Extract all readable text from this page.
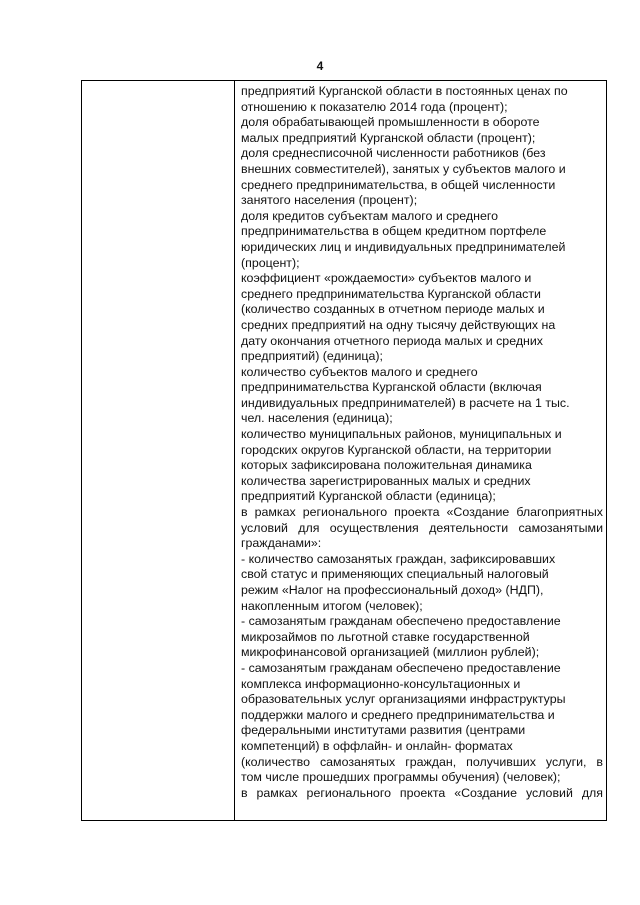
4
предприятий Курганской области в постоянных ценах по
отношению к показателю 2014 года (процент);
доля обрабатывающей промышленности в обороте
малых предприятий Курганской области (процент);
доля среднесписочной численности работников (без
внешних совместителей), занятых у субъектов малого и
среднего предпринимательства, в общей численности
занятого населения (процент);
доля кредитов субъектам малого и среднего
предпринимательства в общем кредитном портфеле
юридических лиц и индивидуальных предпринимателей
(процент);
коэффициент «рождаемости» субъектов малого и
среднего предпринимательства Курганской области
(количество созданных в отчетном периоде малых и
средних предприятий на одну тысячу действующих на
дату окончания отчетного периода малых и средних
предприятий) (единица);
количество субъектов малого и среднего
предпринимательства Курганской области (включая
индивидуальных предпринимателей) в расчете на 1 тыс.
чел. населения (единица);
количество муниципальных районов, муниципальных и
городских округов Курганской области, на территории
которых зафиксирована положительная динамика
количества зарегистрированных малых и средних
предприятий Курганской области (единица);
в рамках регионального проекта «Создание благоприятных
условий для осуществления деятельности самозанятыми
гражданами»:
- количество самозанятых граждан, зафиксировавших
свой статус и применяющих специальный налоговый
режим «Налог на профессиональный доход» (НДП),
накопленным итогом (человек);
- самозанятым гражданам обеспечено предоставление
микрозаймов по льготной ставке государственной
микрофинансовой организацией (миллион рублей);
- самозанятым гражданам обеспечено предоставление
комплекса информационно-консультационных и
образовательных услуг организациями инфраструктуры
поддержки малого и среднего предпринимательства и
федеральными институтами развития (центрами
компетенций) в оффлайн- и онлайн- форматах
(количество самозанятых граждан, получивших услуги, в
том числе прошедших программы обучения) (человек);
в рамках регионального проекта «Создание условий для
